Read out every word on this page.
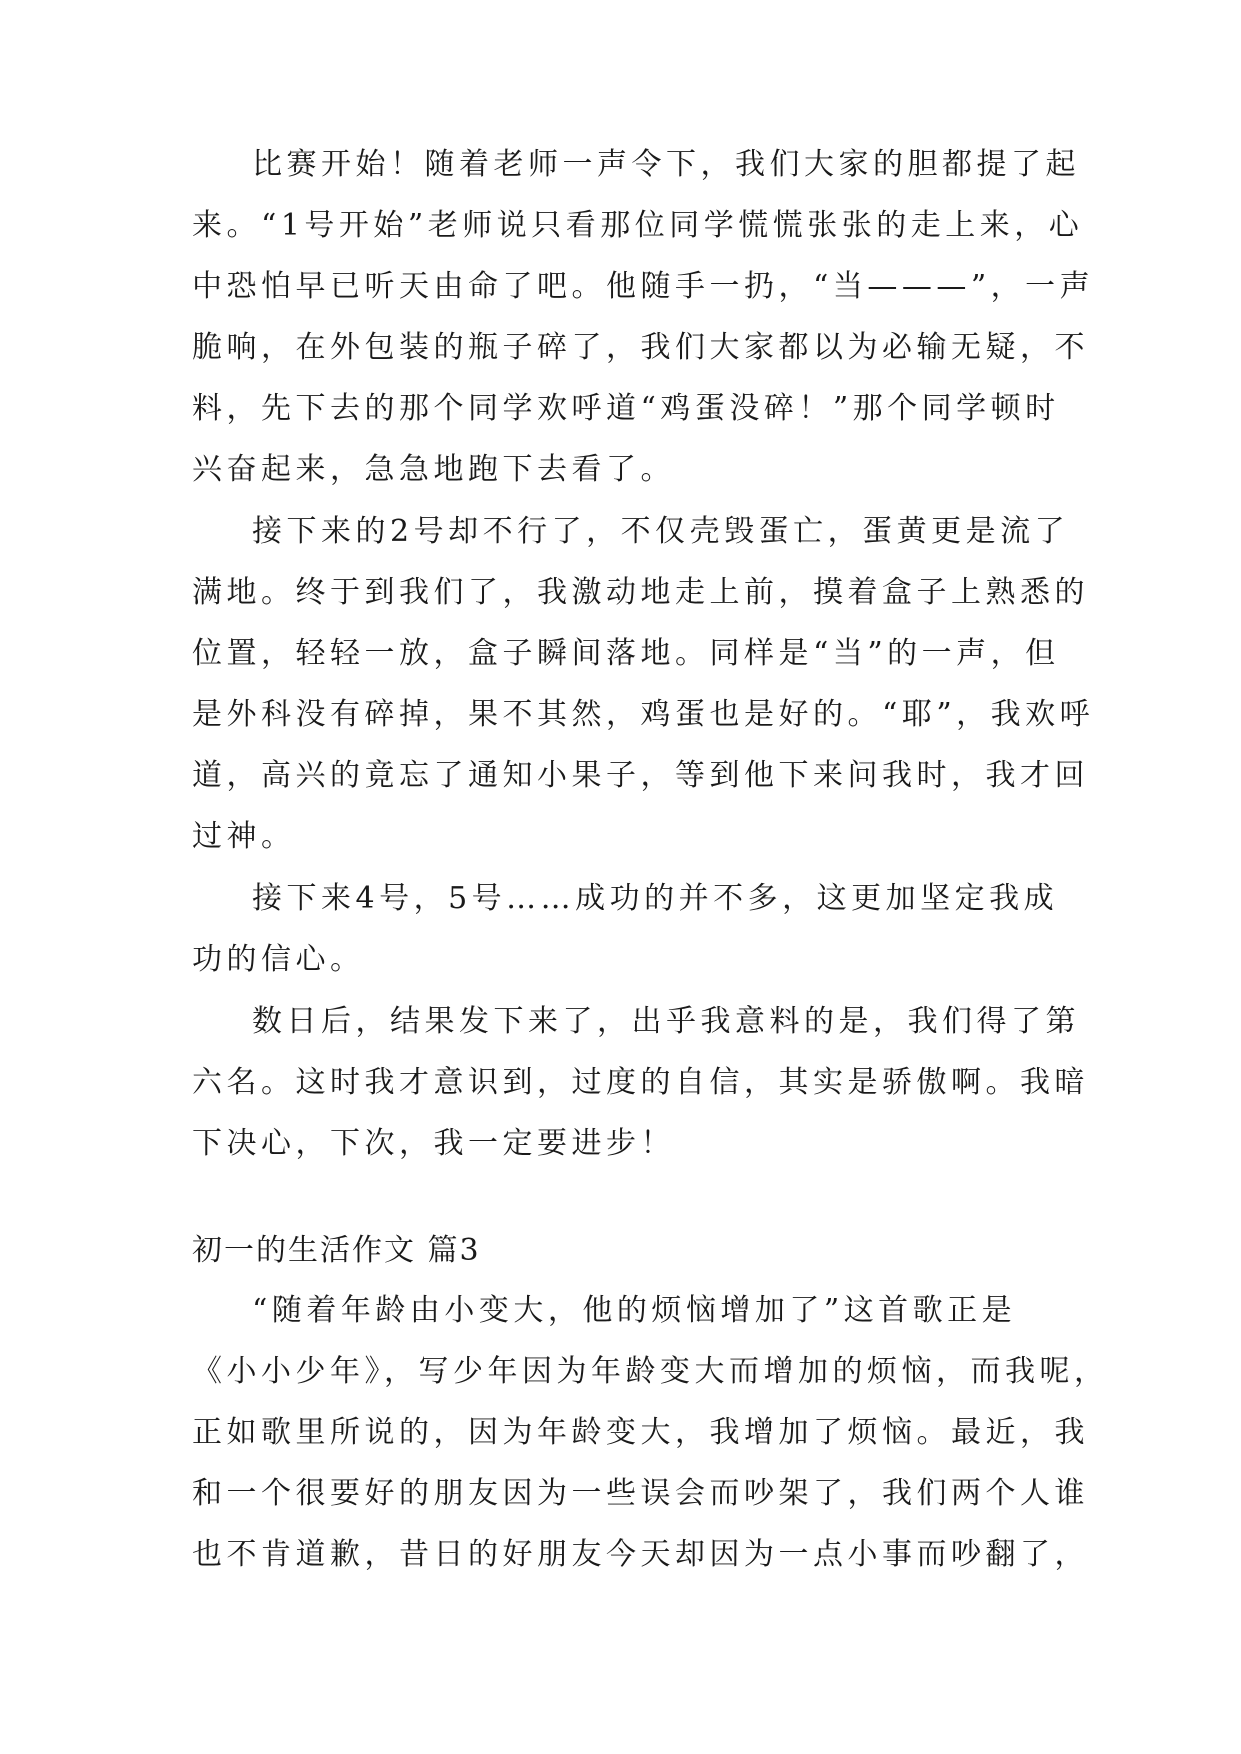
比赛开始！随着老师一声令下，我们大家的胆都提了起
来。“1号开始”老师说只看那位同学慌慌张张的走上来，心
中恐怕早已听天由命了吧。他随手一扔，“当———”，一声
脆响，在外包装的瓶子碎了，我们大家都以为必输无疑，不
料，先下去的那个同学欢呼道“鸡蛋没碎！”那个同学顿时
兴奋起来，急急地跑下去看了。
接下来的2号却不行了，不仅壳毁蛋亡，蛋黄更是流了
满地。终于到我们了，我激动地走上前，摸着盒子上熟悉的
位置，轻轻一放，盒子瞬间落地。同样是“当”的一声，但
是外科没有碎掉，果不其然，鸡蛋也是好的。“耶”，我欢呼
道，高兴的竟忘了通知小果子，等到他下来问我时，我才回
过神。
接下来4号，5号……成功的并不多，这更加坚定我成
功的信心。
数日后，结果发下来了，出乎我意料的是，我们得了第
六名。这时我才意识到，过度的自信，其实是骄傲啊。我暗
下决心，下次，我一定要进步！
初一的生活作文 篇3
“随着年龄由小变大，他的烦恼增加了”这首歌正是
《小小少年》，写少年因为年龄变大而增加的烦恼，而我呢，
正如歌里所说的，因为年龄变大，我增加了烦恼。最近，我
和一个很要好的朋友因为一些误会而吵架了，我们两个人谁
也不肯道歉，昔日的好朋友今天却因为一点小事而吵翻了，
